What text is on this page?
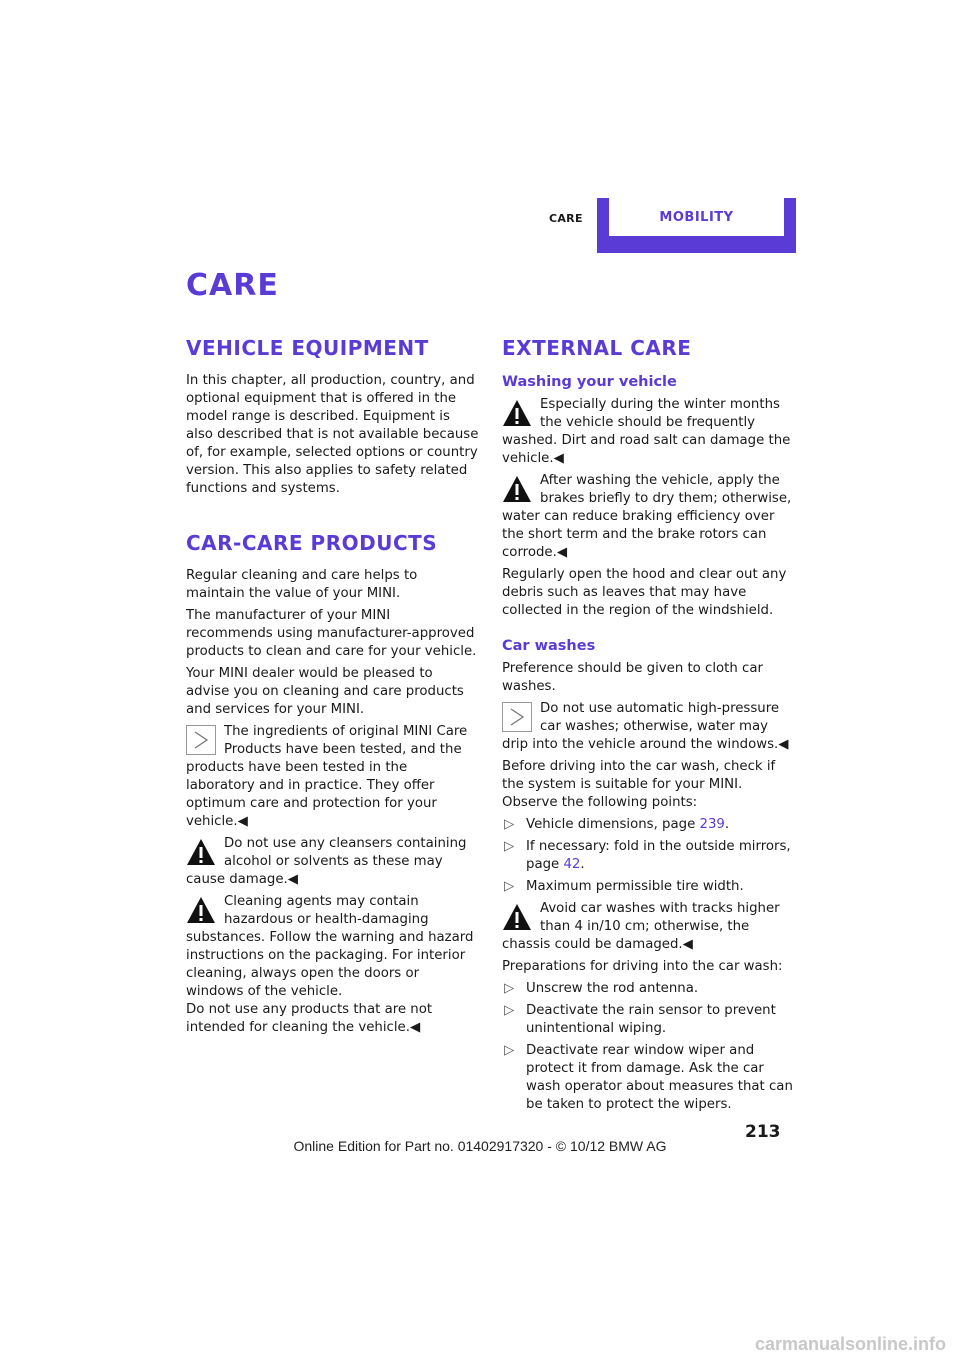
CARE	MOBILITY
CARE
VEHICLE EQUIPMENT

In this chapter, all production, country, and optional equipment that is offered in the model range is described. Equipment is also described that is not available because of, for example, selected options or country version. This also applies to safety related functions and systems.

CAR-CARE PRODUCTS

Regular cleaning and care helps to maintain the value of your MINI.

The manufacturer of your MINI recommends using manufacturer-approved products to clean and care for your vehicle.

Your MINI dealer would be pleased to advise you on cleaning and care products and services for your MINI.

The ingredients of original MINI Care Products have been tested, and the products have been tested in the laboratory and in practice. They offer optimum care and protection for your vehicle.◀

Do not use any cleansers containing alcohol or solvents as these may cause damage.◀

Cleaning agents may contain hazardous or health-damaging substances. Follow the warning and hazard instructions on the packaging. For interior cleaning, always open the doors or windows of the vehicle.

Do not use any products that are not intended for cleaning the vehicle.◀

EXTERNAL CARE
Washing your vehicle

Especially during the winter months the vehicle should be frequently washed. Dirt and road salt can damage the vehicle.◀

After washing the vehicle, apply the brakes briefly to dry them; otherwise, water can reduce braking efficiency over the short term and the brake rotors can corrode.◀

Regularly open the hood and clear out any debris such as leaves that may have collected in the region of the windshield.

Car washes

Preference should be given to cloth car washes.

Do not use automatic high-pressure car washes; otherwise, water may drip into the vehicle around the windows.◀

Before driving into the car wash, check if the system is suitable for your MINI. Observe the following points:

▷ Vehicle dimensions, page 239.
▷ If necessary: fold in the outside mirrors, page 42.
▷ Maximum permissible tire width.

Avoid car washes with tracks higher than 4 in/10 cm; otherwise, the chassis could be damaged.◀

Preparations for driving into the car wash:

▷ Unscrew the rod antenna.
▷ Deactivate the rain sensor to prevent unintentional wiping.
▷ Deactivate rear window wiper and protect it from damage. Ask the car wash operator about measures that can be taken to protect the wipers.
213
Online Edition for Part no. 01402917320 - © 10/12 BMW AG
carmanualsonline.info
